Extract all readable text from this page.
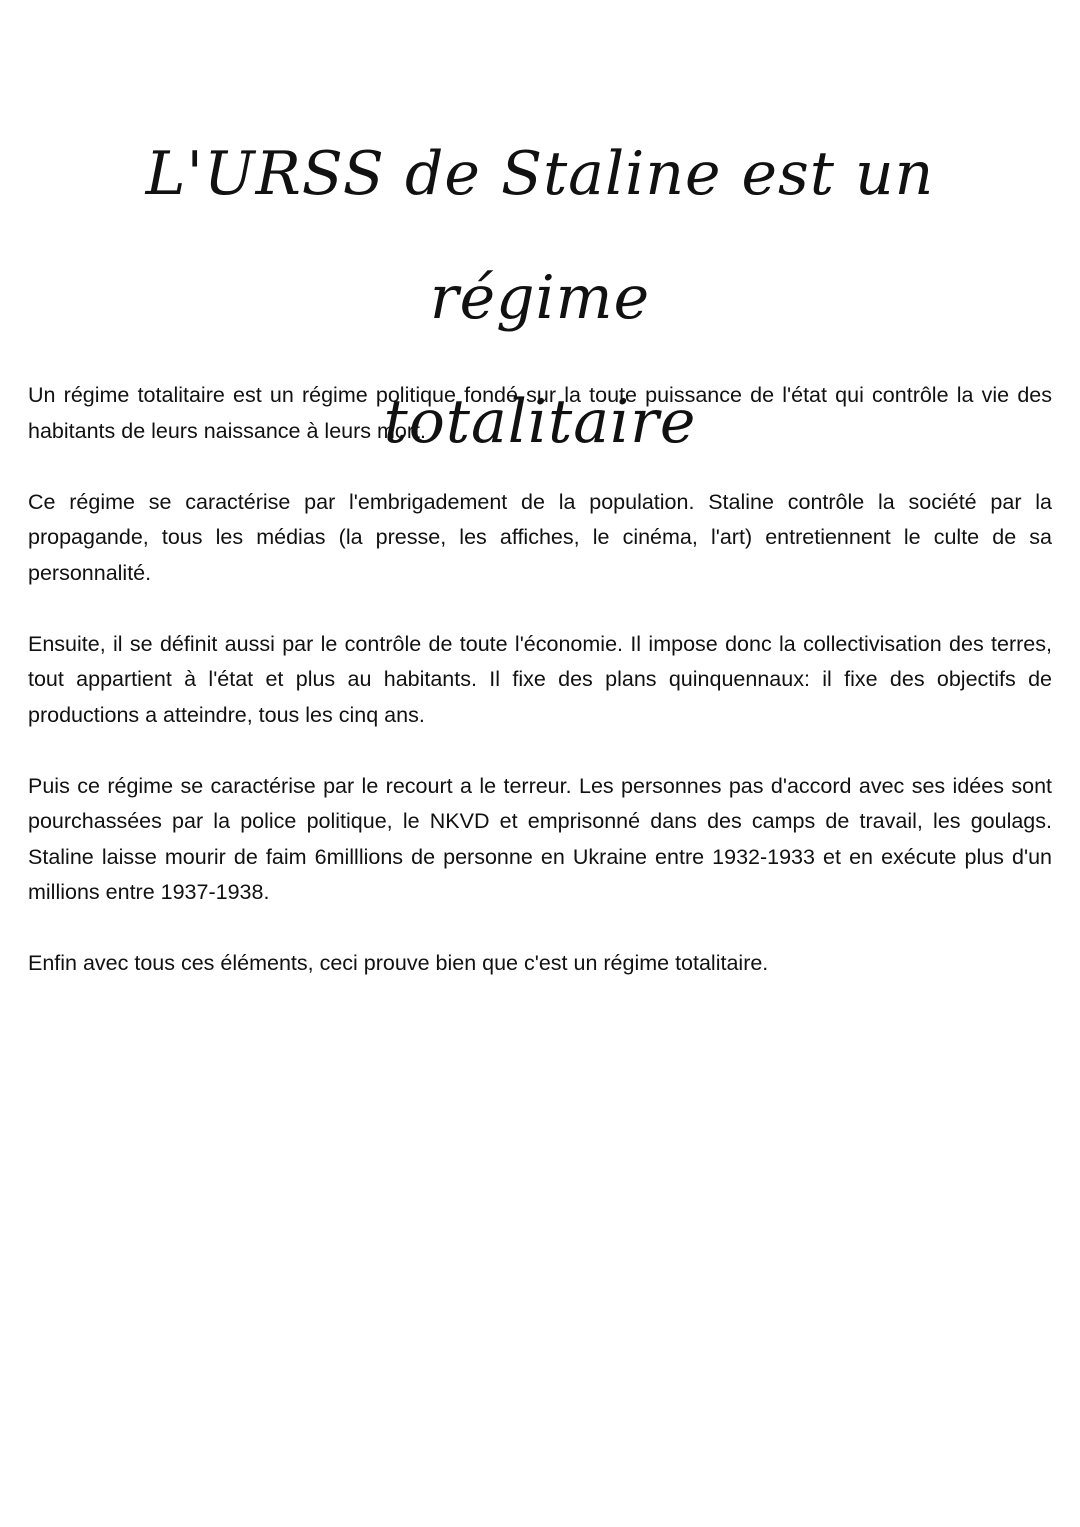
L'URSS de Staline est un régime
totalitaire

Un régime totalitaire est un régime politique fondé sur la toute puissance de l'état qui contrôle la vie des habitants de leurs naissance à leurs mort.

Ce régime se caractérise par l'embrigadement de la population. Staline contrôle la société par la propagande, tous les médias (la presse, les affiches, le cinéma, l'art) entretiennent le culte de sa personnalité.

Ensuite, il se définit aussi par le contrôle de toute l'économie. Il impose donc la collectivisation des terres, tout appartient à l'état et plus au habitants. Il fixe des plans quinquennaux: il fixe des objectifs de productions a atteindre, tous les cinq ans.

Puis ce régime se caractérise par le recourt a le terreur. Les personnes pas d'accord avec ses idées sont pourchassées par la police politique, le NKVD et emprisonné dans des camps de travail, les goulags. Staline laisse mourir de faim 6milllions de personne en Ukraine entre 1932-1933 et en exécute plus d'un millions entre 1937-1938.

Enfin avec tous ces éléments, ceci prouve bien que c'est un régime totalitaire.
